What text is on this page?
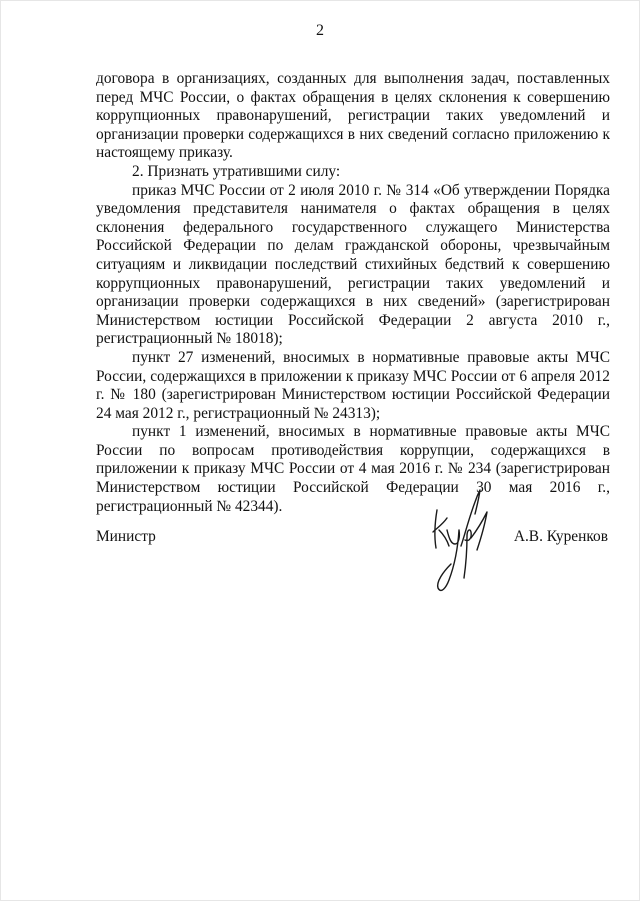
2

договора в организациях, созданных для выполнения задач, поставленных перед МЧС России, о фактах обращения в целях склонения к совершению коррупционных правонарушений, регистрации таких уведомлений и организации проверки содержащихся в них сведений согласно приложению к настоящему приказу.

2. Признать утратившими силу:

приказ МЧС России от 2 июля 2010 г. № 314 «Об утверждении Порядка уведомления представителя нанимателя о фактах обращения в целях склонения федерального государственного служащего Министерства Российской Федерации по делам гражданской обороны, чрезвычайным ситуациям и ликвидации последствий стихийных бедствий к совершению коррупционных правонарушений, регистрации таких уведомлений и организации проверки содержащихся в них сведений» (зарегистрирован Министерством юстиции Российской Федерации 2 августа 2010 г., регистрационный № 18018);

пункт 27 изменений, вносимых в нормативные правовые акты МЧС России, содержащихся в приложении к приказу МЧС России от 6 апреля 2012 г. № 180 (зарегистрирован Министерством юстиции Российской Федерации 24 мая 2012 г., регистрационный № 24313);

пункт 1 изменений, вносимых в нормативные правовые акты МЧС России по вопросам противодействия коррупции, содержащихся в приложении к приказу МЧС России от 4 мая 2016 г. № 234 (зарегистрирован Министерством юстиции Российской Федерации 30 мая 2016 г., регистрационный № 42344).

Министр	А.В. Куренков
